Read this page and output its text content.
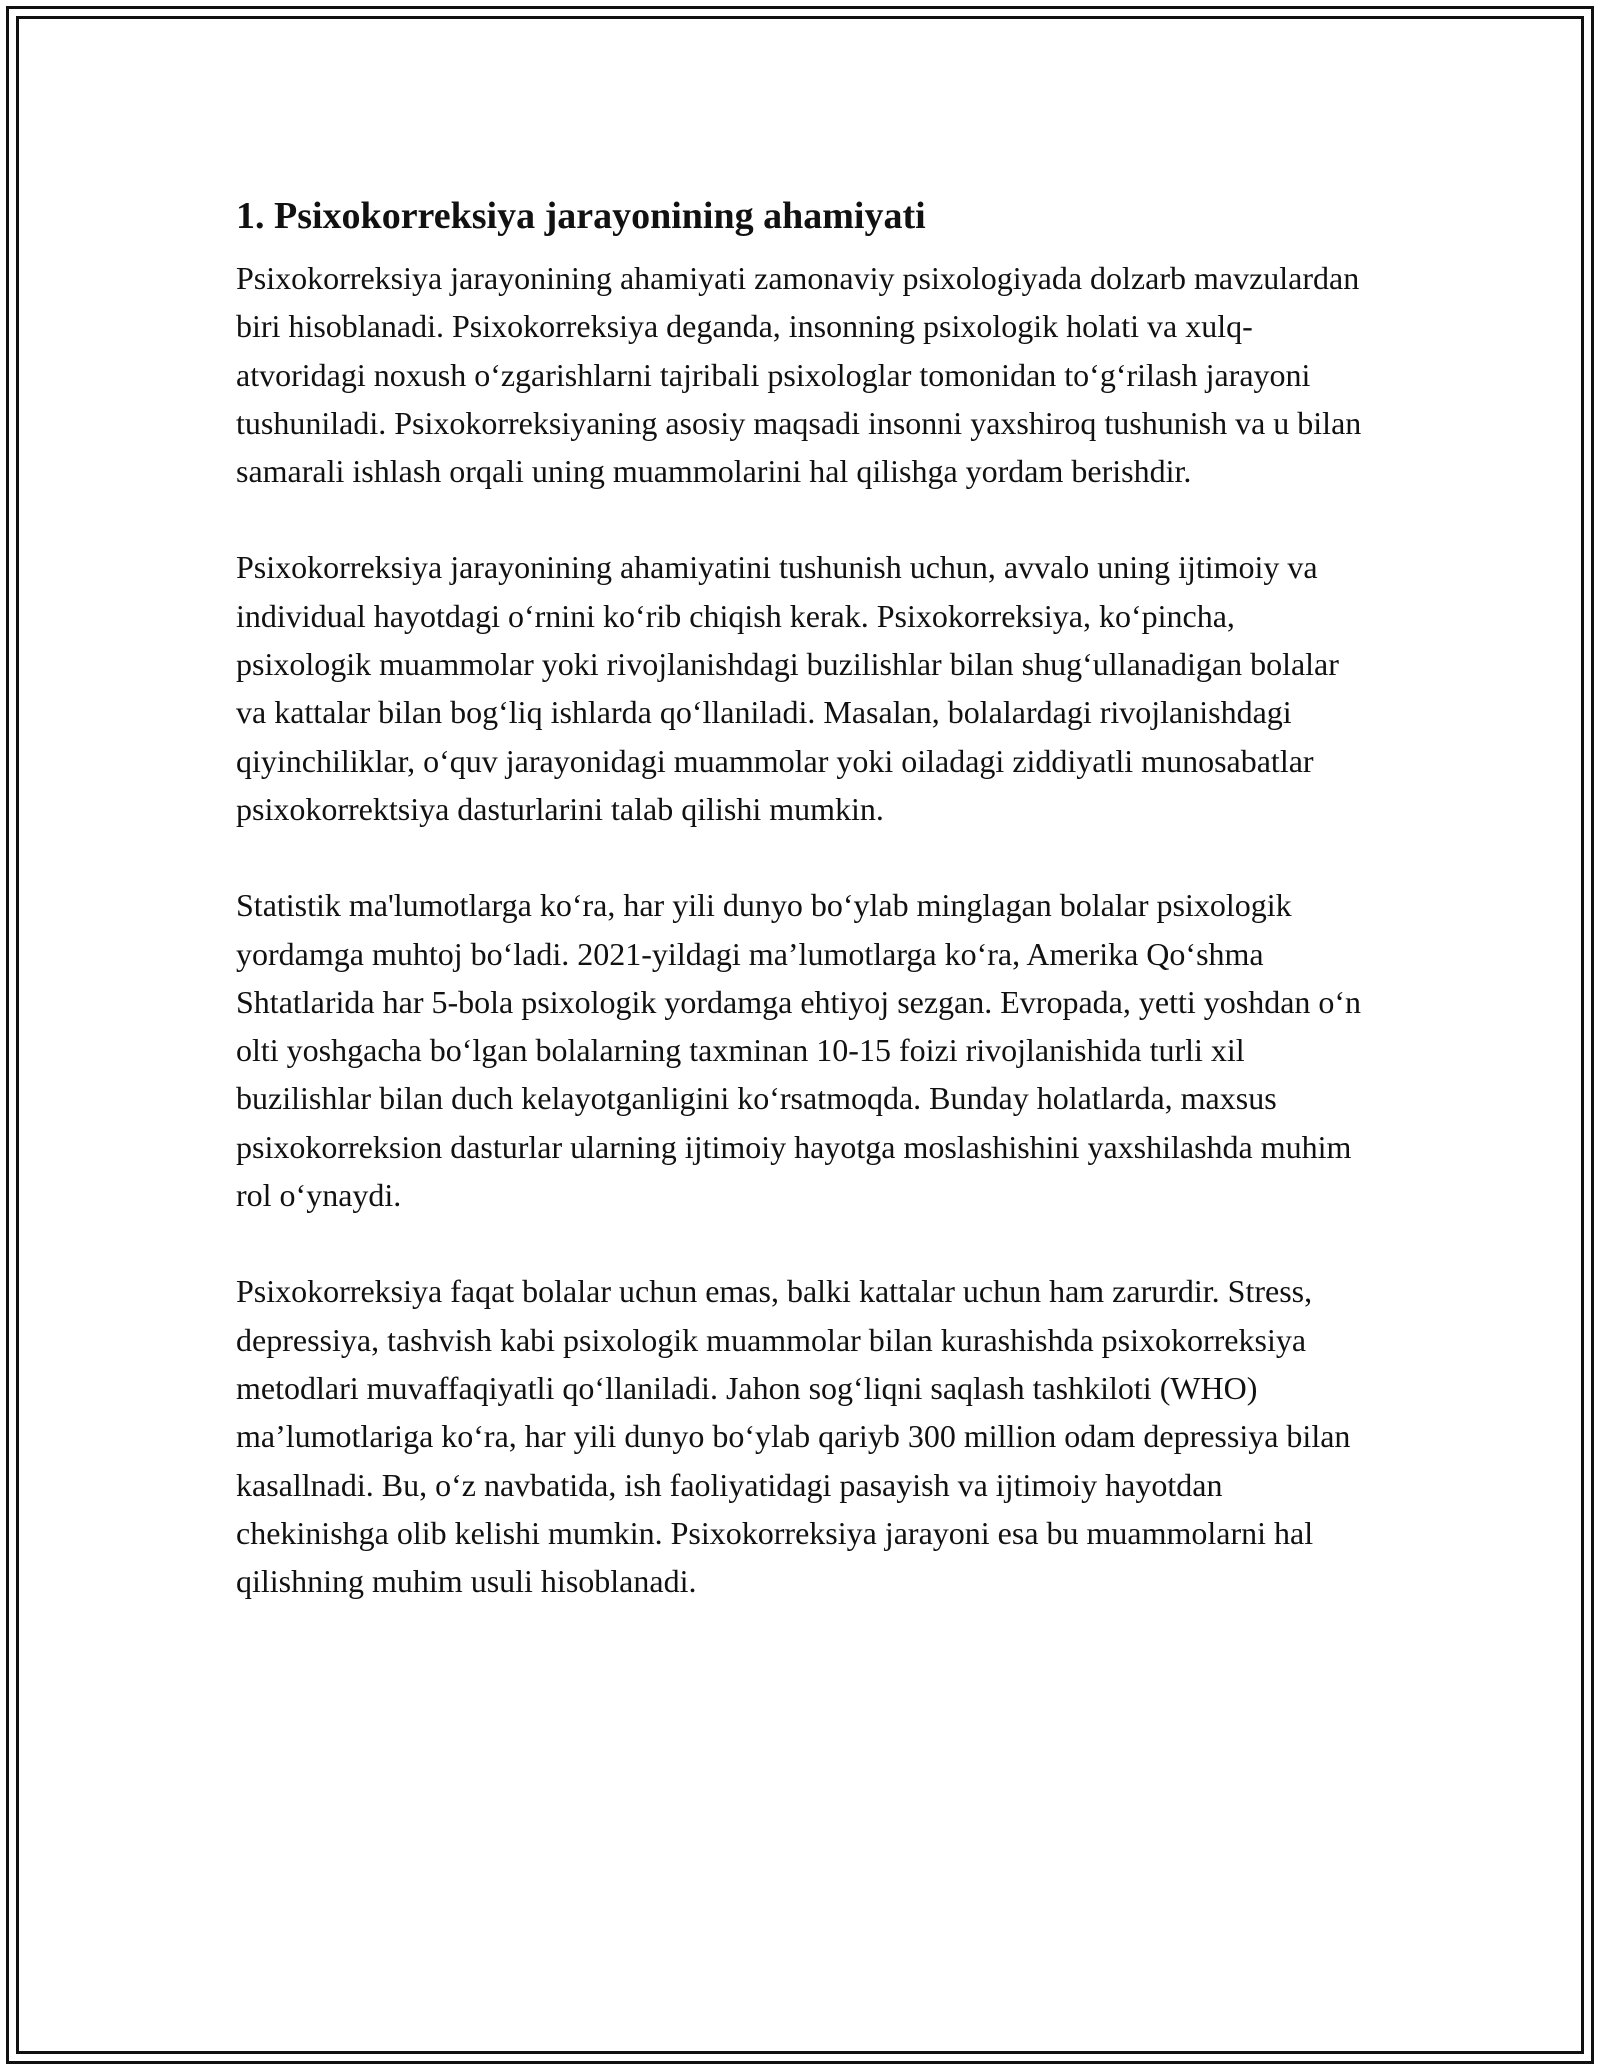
1. Psixokorreksiya jarayonining ahamiyati

Psixokorreksiya jarayonining ahamiyati zamonaviy psixologiyada dolzarb mavzulardan biri hisoblanadi. Psixokorreksiya deganda, insonning psixologik holati va xulq-atvoridagi noxush oʻzgarishlarni tajribali psixologlar tomonidan toʻgʻrilash jarayoni tushuniladi. Psixokorreksiyaning asosiy maqsadi insonni yaxshiroq tushunish va u bilan samarali ishlash orqali uning muammolarini hal qilishga yordam berishdir.

Psixokorreksiya jarayonining ahamiyatini tushunish uchun, avvalo uning ijtimoiy va individual hayotdagi oʻrnini koʻrib chiqish kerak. Psixokorreksiya, koʻpincha, psixologik muammolar yoki rivojlanishdagi buzilishlar bilan shugʻullanadigan bolalar va kattalar bilan bogʻliq ishlarda qoʻllaniladi. Masalan, bolalardagi rivojlanishdagi qiyinchiliklar, oʻquv jarayonidagi muammolar yoki oiladagi ziddiyatli munosabatlar psixokorrektsiya dasturlarini talab qilishi mumkin.

Statistik ma'lumotlarga koʻra, har yili dunyo boʻylab minglagan bolalar psixologik yordamga muhtoj boʻladi. 2021-yildagi ma’lumotlarga koʻra, Amerika Qoʻshma Shtatlarida har 5-bola psixologik yordamga ehtiyoj sezgan. Evropada, yetti yoshdan oʻn olti yoshgacha boʻlgan bolalarning taxminan 10-15 foizi rivojlanishida turli xil buzilishlar bilan duch kelayotganligini koʻrsatmoqda. Bunday holatlarda, maxsus psixokorreksion dasturlar ularning ijtimoiy hayotga moslashishini yaxshilashda muhim rol oʻynaydi.

Psixokorreksiya faqat bolalar uchun emas, balki kattalar uchun ham zarurdir. Stress, depressiya, tashvish kabi psixologik muammolar bilan kurashishda psixokorreksiya metodlari muvaffaqiyatli qoʻllaniladi. Jahon sogʻliqni saqlash tashkiloti (WHO) ma’lumotlariga koʻra, har yili dunyo boʻylab qariyb 300 million odam depressiya bilan kasallnadi. Bu, oʻz navbatida, ish faoliyatidagi pasayish va ijtimoiy hayotdan chekinishga olib kelishi mumkin. Psixokorreksiya jarayoni esa bu muammolarni hal qilishning muhim usuli hisoblanadi.
